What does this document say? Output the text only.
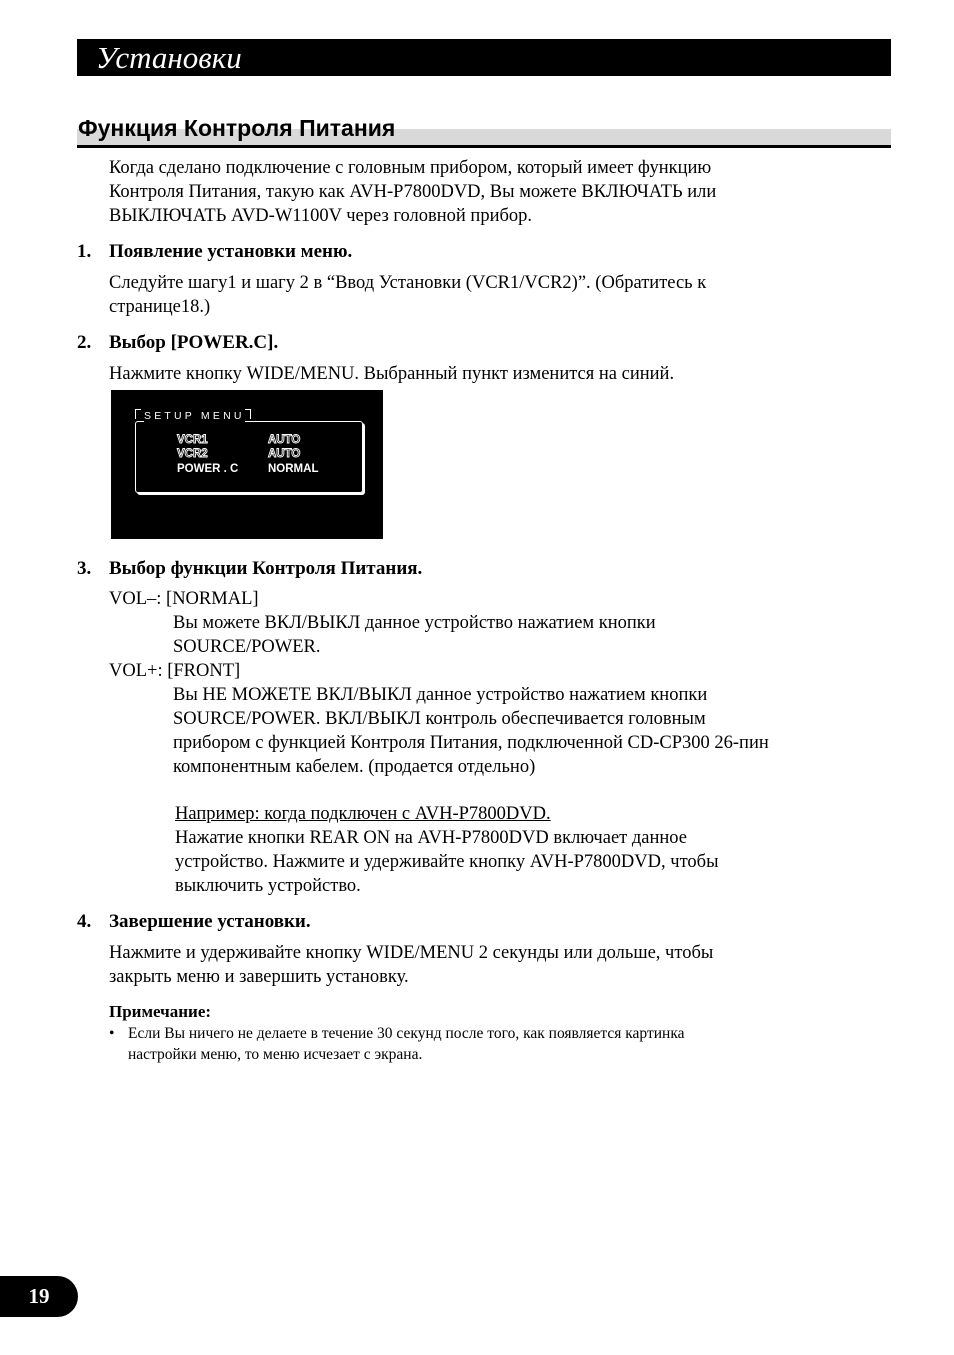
Установки
Функция Контроля Питания
Когда сделано подключение с головным прибором, который имеет функцию
Контроля Питания, такую как AVH-P7800DVD, Вы можете ВКЛЮЧАТЬ или
ВЫКЛЮЧАТЬ AVD-W1100V через головной прибор.
1. Появление установки меню.
Следуйте шагу1 и шагу 2 в “Ввод Установки (VCR1/VCR2)”. (Обратитесь к
странице18.)
2. Выбор [POWER.C].
Нажмите кнопку WIDE/MENU. Выбранный пункт изменится на синий.
SETUP MENU
VCR1	AUTO
VCR2	AUTO
POWER . C	NORMAL
3. Выбор функции Контроля Питания.
VOL–: [NORMAL]
Вы можете ВКЛ/ВЫКЛ данное устройство нажатием кнопки
SOURCE/POWER.
VOL+: [FRONT]
Вы НЕ МОЖЕТЕ ВКЛ/ВЫКЛ данное устройство нажатием кнопки
SOURCE/POWER. ВКЛ/ВЫКЛ контроль обеспечивается головным
прибором с функцией Контроля Питания, подключенной CD-CP300 26-пин
компонентным кабелем. (продается отдельно)
Например: когда подключен с AVH-P7800DVD.
Нажатие кнопки REAR ON на AVH-P7800DVD включает данное
устройство. Нажмите и удерживайте кнопку AVH-P7800DVD, чтобы
выключить устройство.
4. Завершение установки.
Нажмите и удерживайте кнопку WIDE/MENU 2 секунды или дольше, чтобы
закрыть меню и завершить установку.
Примечание:
• Если Вы ничего не делаете в течение 30 секунд после того, как появляется картинка
настройки меню, то меню исчезает с экрана.
19
